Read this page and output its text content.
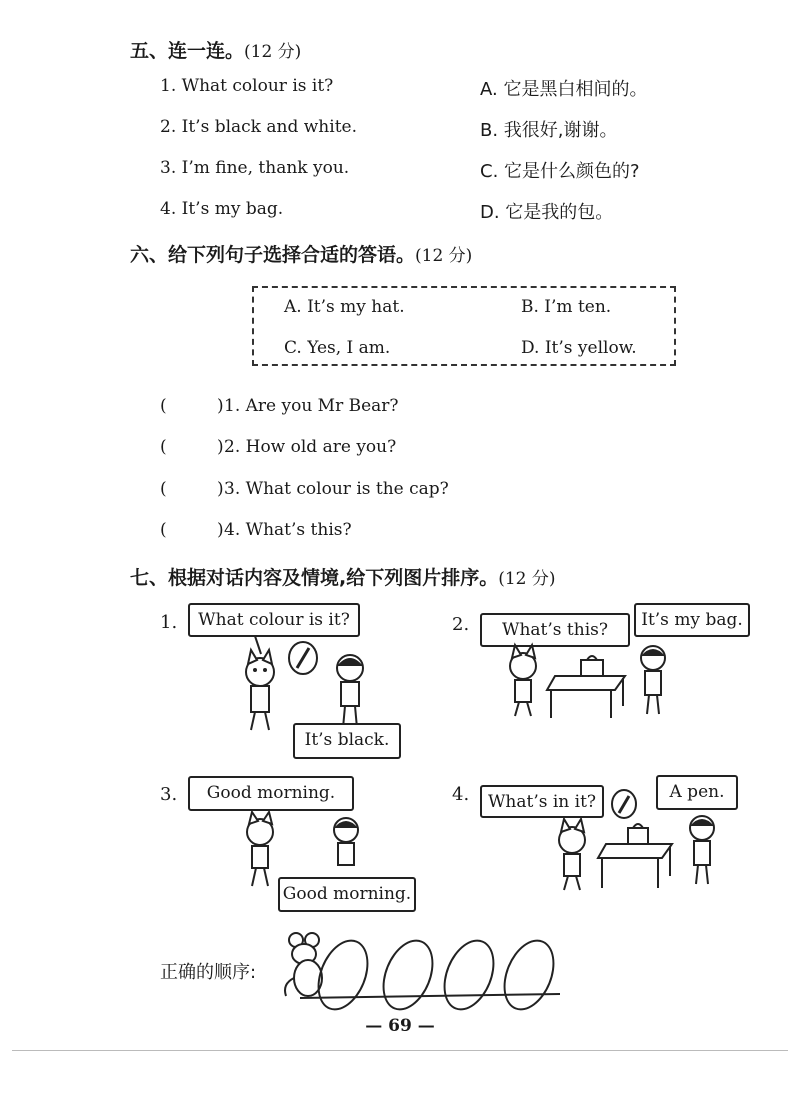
五、连一连。(12 分)
1. What colour is it?
2. It’s black and white.
3. I’m fine, thank you.
4. It’s my bag.
A. 它是黑白相间的。
B. 我很好,谢谢。
C. 它是什么颜色的?
D. 它是我的包。
六、给下列句子选择合适的答语。(12 分)
A. It’s my hat.	B. I’m ten.
C. Yes, I am.	D. It’s yellow.
(	) 1. Are you Mr Bear?
(	) 2. How old are you?
(	) 3. What colour is the cap?
(	) 4. What’s this?
七、根据对话内容及情境,给下列图片排序。(12 分)
1.	What colour is it?
It’s black.
2.	What’s this?	It’s my bag.
3.	Good morning.
Good morning.
4.	What’s in it?	A pen.
正确的顺序:
— 69 —
